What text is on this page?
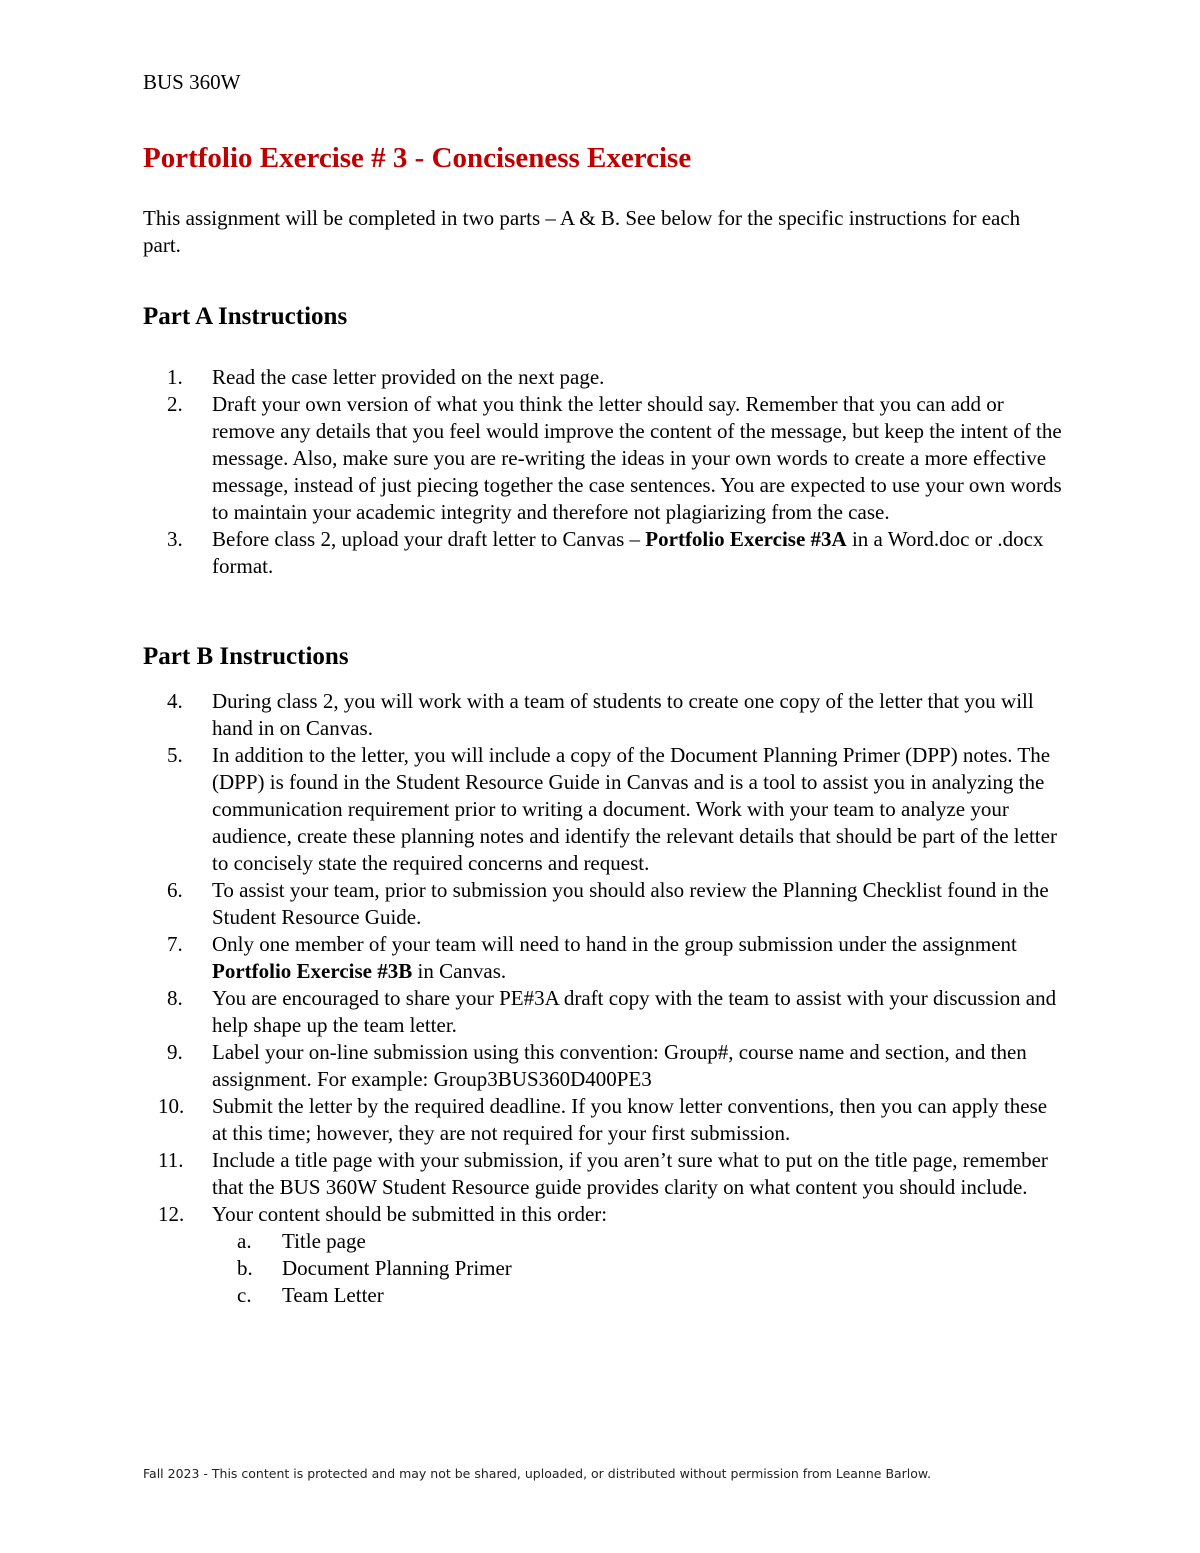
BUS 360W
Portfolio Exercise # 3 - Conciseness Exercise

This assignment will be completed in two parts – A & B. See below for the specific instructions for each part.

Part A Instructions
1.	Read the case letter provided on the next page.
2.	Draft your own version of what you think the letter should say. Remember that you can add or remove any details that you feel would improve the content of the message, but keep the intent of the message. Also, make sure you are re-writing the ideas in your own words to create a more effective message, instead of just piecing together the case sentences. You are expected to use your own words to maintain your academic integrity and therefore not plagiarizing from the case.
3.	Before class 2, upload your draft letter to Canvas – Portfolio Exercise #3A in a Word.doc or .docx format.
Part B Instructions
4.	During class 2, you will work with a team of students to create one copy of the letter that you will hand in on Canvas.
5.	In addition to the letter, you will include a copy of the Document Planning Primer (DPP) notes. The (DPP) is found in the Student Resource Guide in Canvas and is a tool to assist you in analyzing the communication requirement prior to writing a document. Work with your team to analyze your audience, create these planning notes and identify the relevant details that should be part of the letter to concisely state the required concerns and request.
6.	To assist your team, prior to submission you should also review the Planning Checklist found in the Student Resource Guide.
7.	Only one member of your team will need to hand in the group submission under the assignment Portfolio Exercise #3B in Canvas.
8.	You are encouraged to share your PE#3A draft copy with the team to assist with your discussion and help shape up the team letter.
9.	Label your on-line submission using this convention: Group#, course name and section, and then assignment. For example: Group3BUS360D400PE3
10.	Submit the letter by the required deadline. If you know letter conventions, then you can apply these at this time; however, they are not required for your first submission.
11.	Include a title page with your submission, if you aren’t sure what to put on the title page, remember that the BUS 360W Student Resource guide provides clarity on what content you should include.
12.	Your content should be submitted in this order:
a.	Title page
b.	Document Planning Primer
c.	Team Letter
Fall 2023 - This content is protected and may not be shared, uploaded, or distributed without permission from Leanne Barlow.
